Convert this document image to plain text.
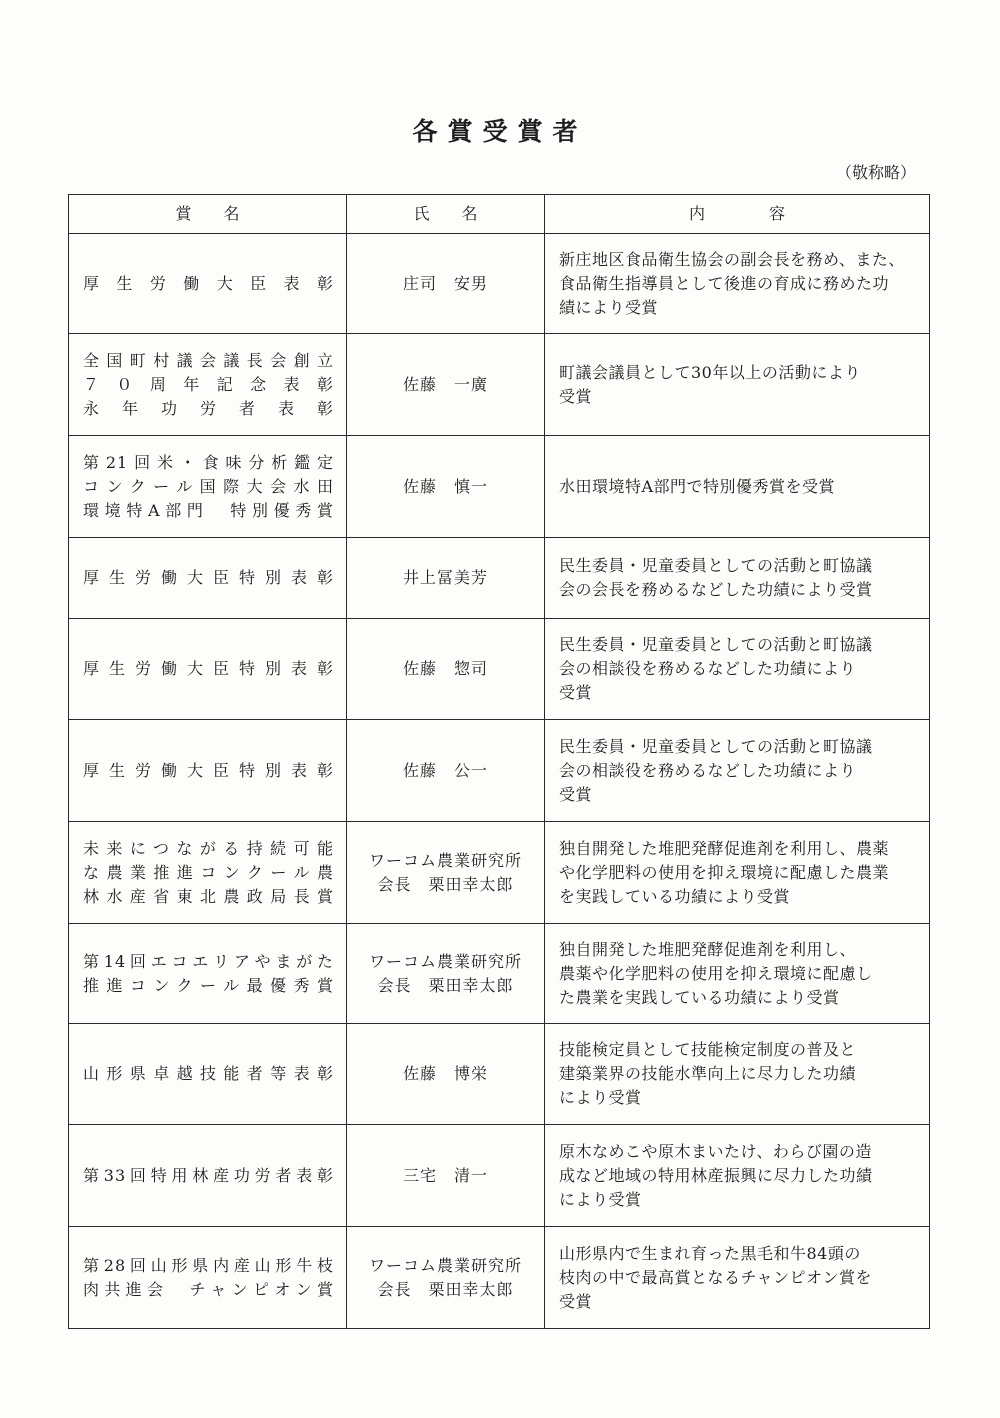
各賞受賞者
（敬称略）
賞　　名	氏　　名	内　　　　容

厚生労働大臣表彰	庄司　安男	新庄地区食品衛生協会の副会長を務め、また、
食品衛生指導員として後進の育成に務めた功
績により受賞

全国町村議会議長会創立
７０周年記念表彰
永年功労者表彰	佐藤　一廣	町議会議員として30年以上の活動により
受賞

第21回米・食味分析鑑定
コンクール国際大会水田
環境特A部門　特別優秀賞	佐藤　慎一	水田環境特A部門で特別優秀賞を受賞

厚生労働大臣特別表彰	井上冨美芳	民生委員・児童委員としての活動と町協議
会の会長を務めるなどした功績により受賞

厚生労働大臣特別表彰	佐藤　惣司	民生委員・児童委員としての活動と町協議
会の相談役を務めるなどした功績により
受賞

厚生労働大臣特別表彰	佐藤　公一	民生委員・児童委員としての活動と町協議
会の相談役を務めるなどした功績により
受賞

未来につながる持続可能
な農業推進コンクール農
林水産省東北農政局長賞	ワーコム農業研究所
会長　栗田幸太郎	独自開発した堆肥発酵促進剤を利用し、農薬
や化学肥料の使用を抑え環境に配慮した農業
を実践している功績により受賞

第14回エコエリアやまがた
推進コンクール最優秀賞	ワーコム農業研究所
会長　栗田幸太郎	独自開発した堆肥発酵促進剤を利用し、
農薬や化学肥料の使用を抑え環境に配慮し
た農業を実践している功績により受賞

山形県卓越技能者等表彰	佐藤　博栄	技能検定員として技能検定制度の普及と
建築業界の技能水準向上に尽力した功績
により受賞

第33回特用林産功労者表彰	三宅　清一	原木なめこや原木まいたけ、わらび園の造
成など地域の特用林産振興に尽力した功績
により受賞

第28回山形県内産山形牛枝
肉共進会　チャンピオン賞	ワーコム農業研究所
会長　栗田幸太郎	山形県内で生まれ育った黒毛和牛84頭の
枝肉の中で最高賞となるチャンピオン賞を
受賞
